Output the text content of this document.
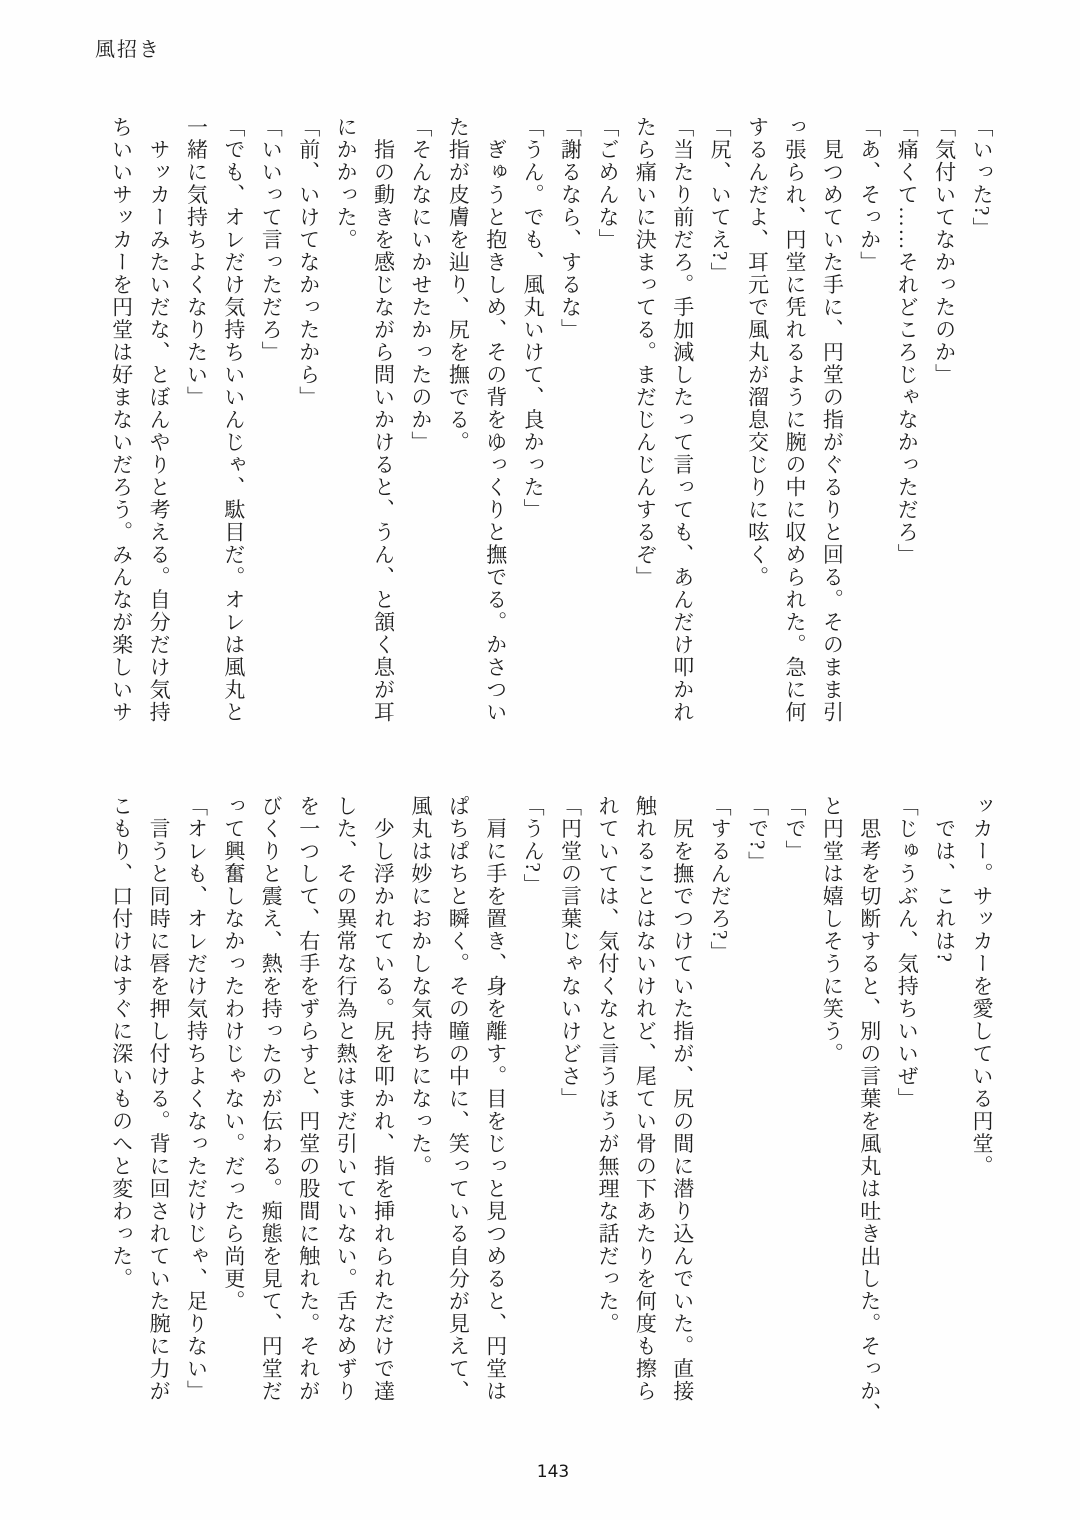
風招き

「いった?」

「気付いてなかったのか」

「痛くて……それどころじゃなかっただろ」

「あ、そっか」

　見つめていた手に、円堂の指がぐるりと回る。そのまま引

っ張られ、円堂に凭れるように腕の中に収められた。急に何

するんだよ、耳元で風丸が溜息交じりに呟く。

「尻、いてえ?」

「当たり前だろ。手加減したって言っても、あんだけ叩かれ

たら痛いに決まってる。まだじんじんするぞ」

「ごめんな」

「謝るなら、するな」

「うん。でも、風丸いけて、良かった」

　ぎゅうと抱きしめ、その背をゆっくりと撫でる。かさつい

た指が皮膚を辿り、尻を撫でる。

「そんなにいかせたかったのか」

　指の動きを感じながら問いかけると、うん、と頷く息が耳

にかかった。

「前、いけてなかったから」

「いいって言っただろ」

「でも、オレだけ気持ちいいんじゃ、駄目だ。オレは風丸と

一緒に気持ちよくなりたい」

　サッカーみたいだな、とぼんやりと考える。自分だけ気持

ちいいサッカーを円堂は好まないだろう。みんなが楽しいサ

ッカー。サッカーを愛している円堂。

　では、これは?

「じゅうぶん、気持ちいいぜ」

　思考を切断すると、別の言葉を風丸は吐き出した。そっか、

と円堂は嬉しそうに笑う。

「で」

「で?」

「するんだろ?」

　尻を撫でつけていた指が、尻の間に潜り込んでいた。直接

触れることはないけれど、尾てい骨の下あたりを何度も擦ら

れていては、気付くなと言うほうが無理な話だった。

「円堂の言葉じゃないけどさ」

「うん?」

　肩に手を置き、身を離す。目をじっと見つめると、円堂は

ぱちぱちと瞬く。その瞳の中に、笑っている自分が見えて、

風丸は妙におかしな気持ちになった。

　少し浮かれている。尻を叩かれ、指を挿れられただけで達

した、その異常な行為と熱はまだ引いていない。舌なめずり

を一つして、右手をずらすと、円堂の股間に触れた。それが

びくりと震え、熱を持ったのが伝わる。痴態を見て、円堂だ

って興奮しなかったわけじゃない。だったら尚更。

「オレも、オレだけ気持ちよくなっただけじゃ、足りない」

　言うと同時に唇を押し付ける。背に回されていた腕に力が

こもり、口付けはすぐに深いものへと変わった。

143
